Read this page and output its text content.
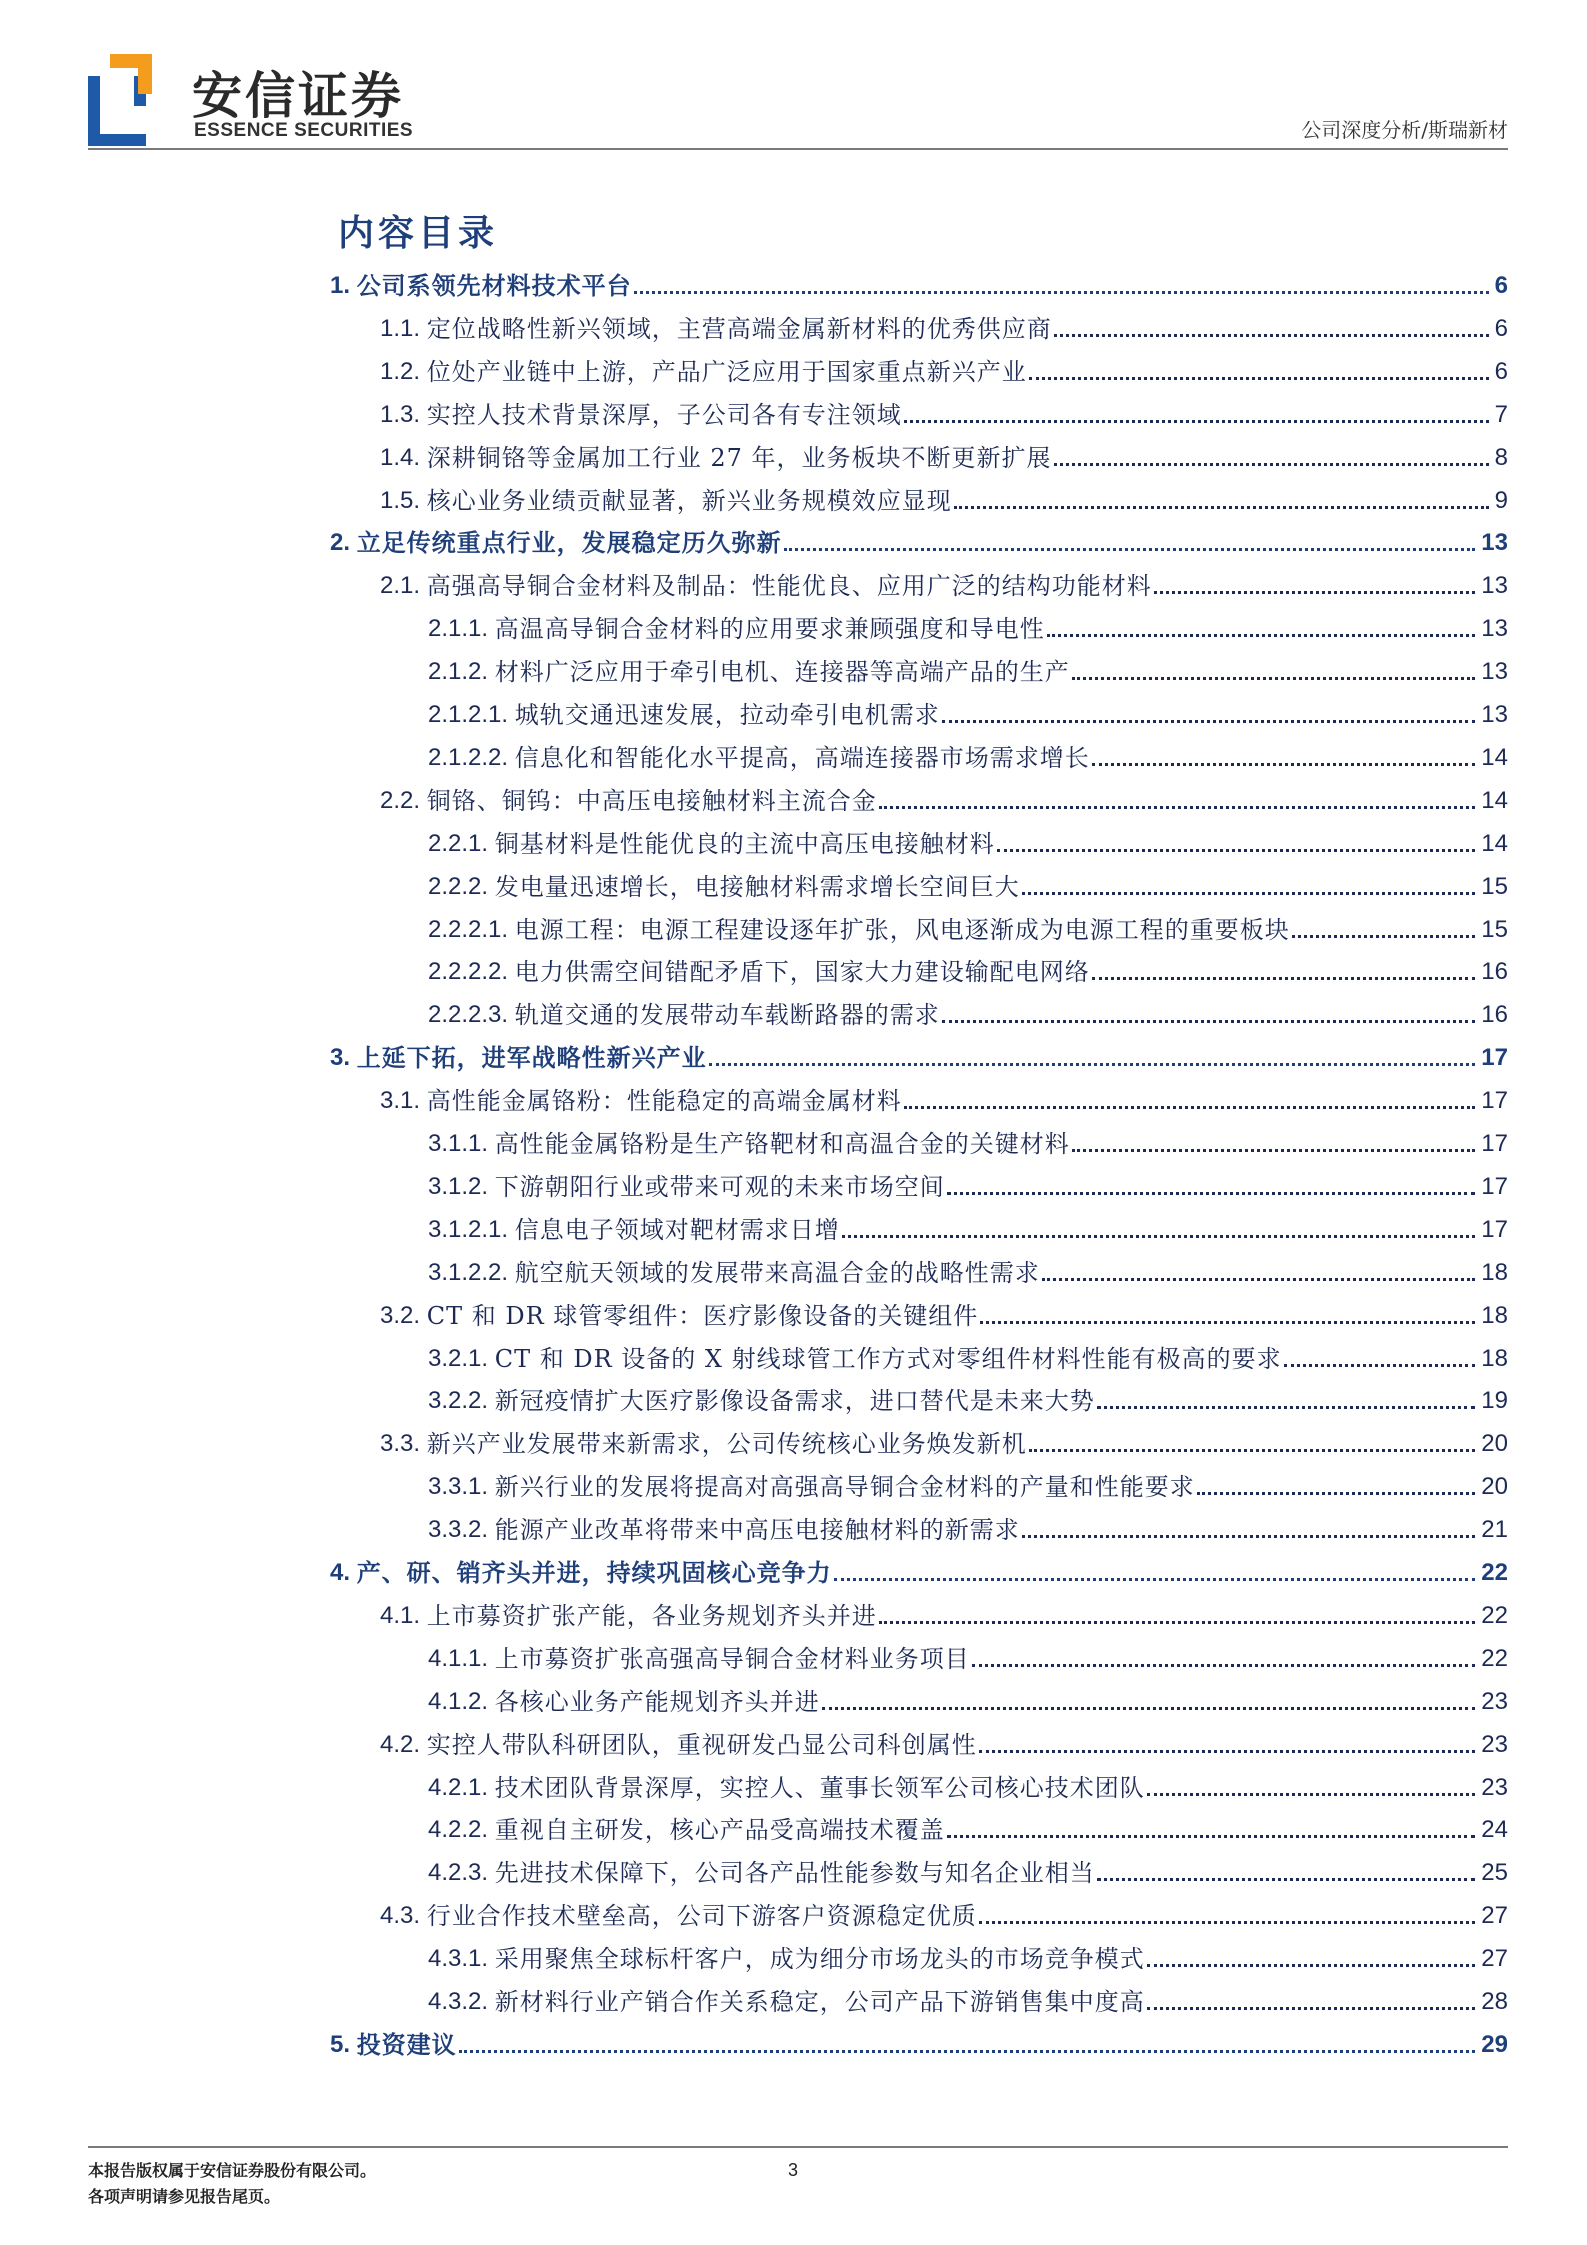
安信证券
ESSENCE SECURITIES	公司深度分析/斯瑞新材
内容目录
1. 公司系领先材料技术平台	6
1.1. 定位战略性新兴领域，主营高端金属新材料的优秀供应商	6
1.2. 位处产业链中上游，产品广泛应用于国家重点新兴产业	6
1.3. 实控人技术背景深厚，子公司各有专注领域	7
1.4. 深耕铜铬等金属加工行业 27 年，业务板块不断更新扩展	8
1.5. 核心业务业绩贡献显著，新兴业务规模效应显现	9
2. 立足传统重点行业，发展稳定历久弥新	13
2.1. 高强高导铜合金材料及制品：性能优良、应用广泛的结构功能材料	13
2.1.1. 高温高导铜合金材料的应用要求兼顾强度和导电性	13
2.1.2. 材料广泛应用于牵引电机、连接器等高端产品的生产	13
2.1.2.1. 城轨交通迅速发展，拉动牵引电机需求	13
2.1.2.2. 信息化和智能化水平提高，高端连接器市场需求增长	14
2.2. 铜铬、铜钨：中高压电接触材料主流合金	14
2.2.1. 铜基材料是性能优良的主流中高压电接触材料	14
2.2.2. 发电量迅速增长，电接触材料需求增长空间巨大	15
2.2.2.1. 电源工程：电源工程建设逐年扩张，风电逐渐成为电源工程的重要板块	15
2.2.2.2. 电力供需空间错配矛盾下，国家大力建设输配电网络	16
2.2.2.3. 轨道交通的发展带动车载断路器的需求	16
3. 上延下拓，进军战略性新兴产业	17
3.1. 高性能金属铬粉：性能稳定的高端金属材料	17
3.1.1. 高性能金属铬粉是生产铬靶材和高温合金的关键材料	17
3.1.2. 下游朝阳行业或带来可观的未来市场空间	17
3.1.2.1. 信息电子领域对靶材需求日增	17
3.1.2.2. 航空航天领域的发展带来高温合金的战略性需求	18
3.2. CT 和 DR 球管零组件：医疗影像设备的关键组件	18
3.2.1. CT 和 DR 设备的 X 射线球管工作方式对零组件材料性能有极高的要求	18
3.2.2. 新冠疫情扩大医疗影像设备需求，进口替代是未来大势	19
3.3. 新兴产业发展带来新需求，公司传统核心业务焕发新机	20
3.3.1. 新兴行业的发展将提高对高强高导铜合金材料的产量和性能要求	20
3.3.2. 能源产业改革将带来中高压电接触材料的新需求	21
4. 产、研、销齐头并进，持续巩固核心竞争力	22
4.1. 上市募资扩张产能，各业务规划齐头并进	22
4.1.1. 上市募资扩张高强高导铜合金材料业务项目	22
4.1.2. 各核心业务产能规划齐头并进	23
4.2. 实控人带队科研团队，重视研发凸显公司科创属性	23
4.2.1. 技术团队背景深厚，实控人、董事长领军公司核心技术团队	23
4.2.2. 重视自主研发，核心产品受高端技术覆盖	24
4.2.3. 先进技术保障下，公司各产品性能参数与知名企业相当	25
4.3. 行业合作技术壁垒高，公司下游客户资源稳定优质	27
4.3.1. 采用聚焦全球标杆客户，成为细分市场龙头的市场竞争模式	27
4.3.2. 新材料行业产销合作关系稳定，公司产品下游销售集中度高	28
5. 投资建议	29
本报告版权属于安信证券股份有限公司。
各项声明请参见报告尾页。
3
